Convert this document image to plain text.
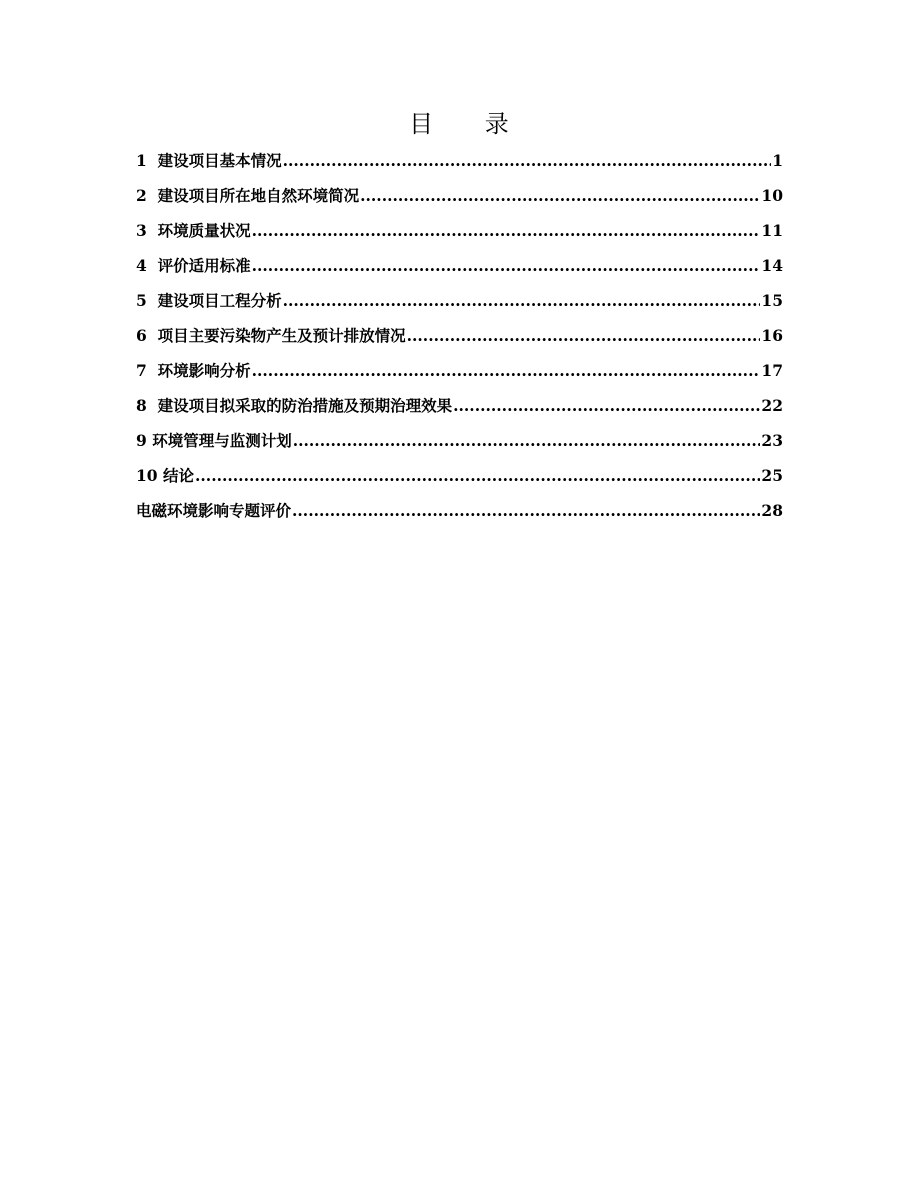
目 录
1 建设项目基本情况 .....	1
2 建设项目所在地自然环境简况 .....	10
3 环境质量状况 .....	11
4 评价适用标准 .....	14
5 建设项目工程分析 .....	15
6 项目主要污染物产生及预计排放情况 .....	16
7 环境影响分析 .....	17
8 建设项目拟采取的防治措施及预期治理效果 .....	22
9 环境管理与监测计划 .....	23
10 结论 .....	25
电磁环境影响专题评价 .....	28
